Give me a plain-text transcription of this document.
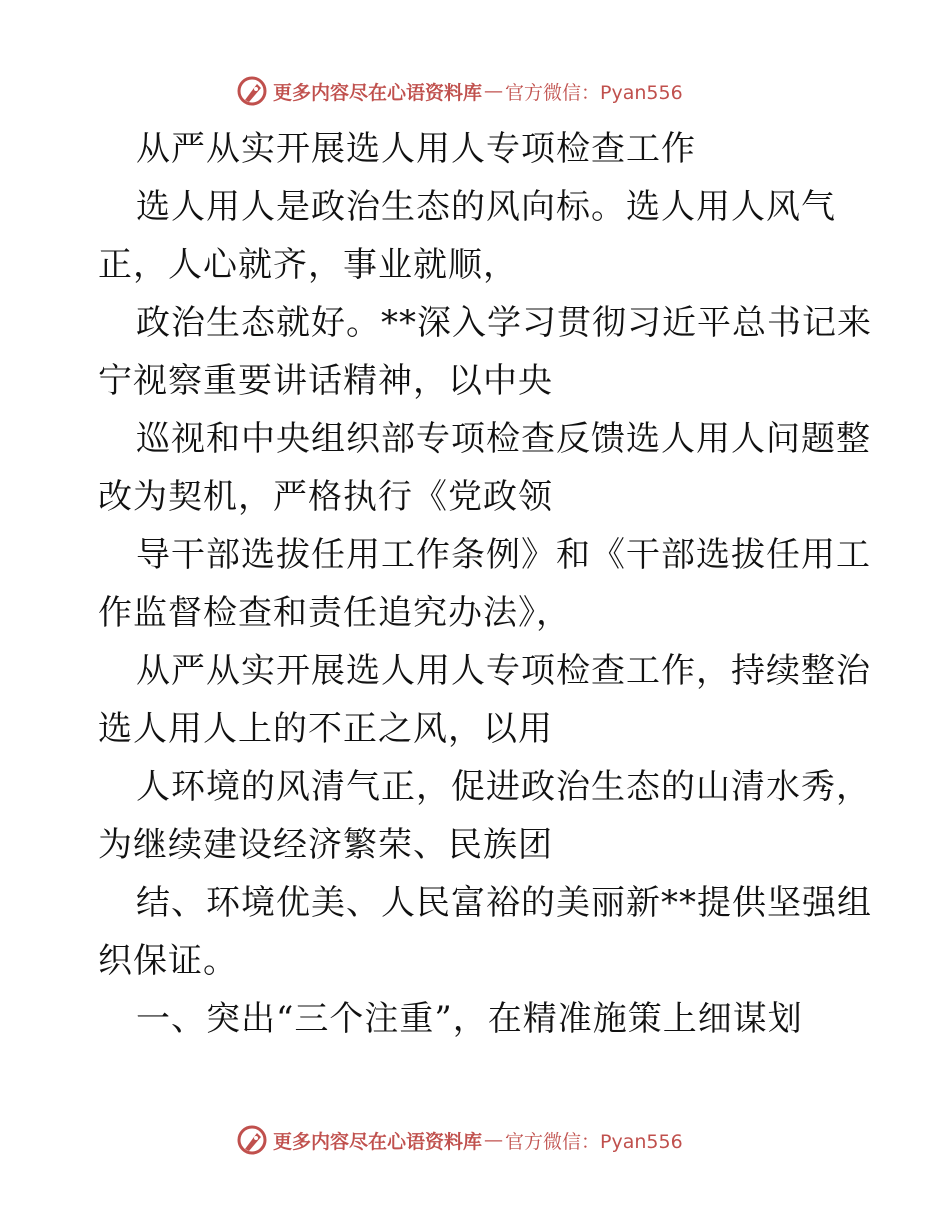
更多内容尽在心语资料库 — 官方微信：Pyan556
从严从实开展选人用人专项检查工作
选人用人是政治生态的风向标。选人用人风气
正，人心就齐，事业就顺，
政治生态就好。**深入学习贯彻习近平总书记来
宁视察重要讲话精神，以中央
巡视和中央组织部专项检查反馈选人用人问题整
改为契机，严格执行《党政领
导干部选拔任用工作条例》和《干部选拔任用工
作监督检查和责任追究办法》，
从严从实开展选人用人专项检查工作，持续整治
选人用人上的不正之风，以用
人环境的风清气正，促进政治生态的山清水秀，
为继续建设经济繁荣、民族团
结、环境优美、人民富裕的美丽新**提供坚强组
织保证。
一、突出“三个注重”，在精准施策上细谋划
更多内容尽在心语资料库 — 官方微信：Pyan556
